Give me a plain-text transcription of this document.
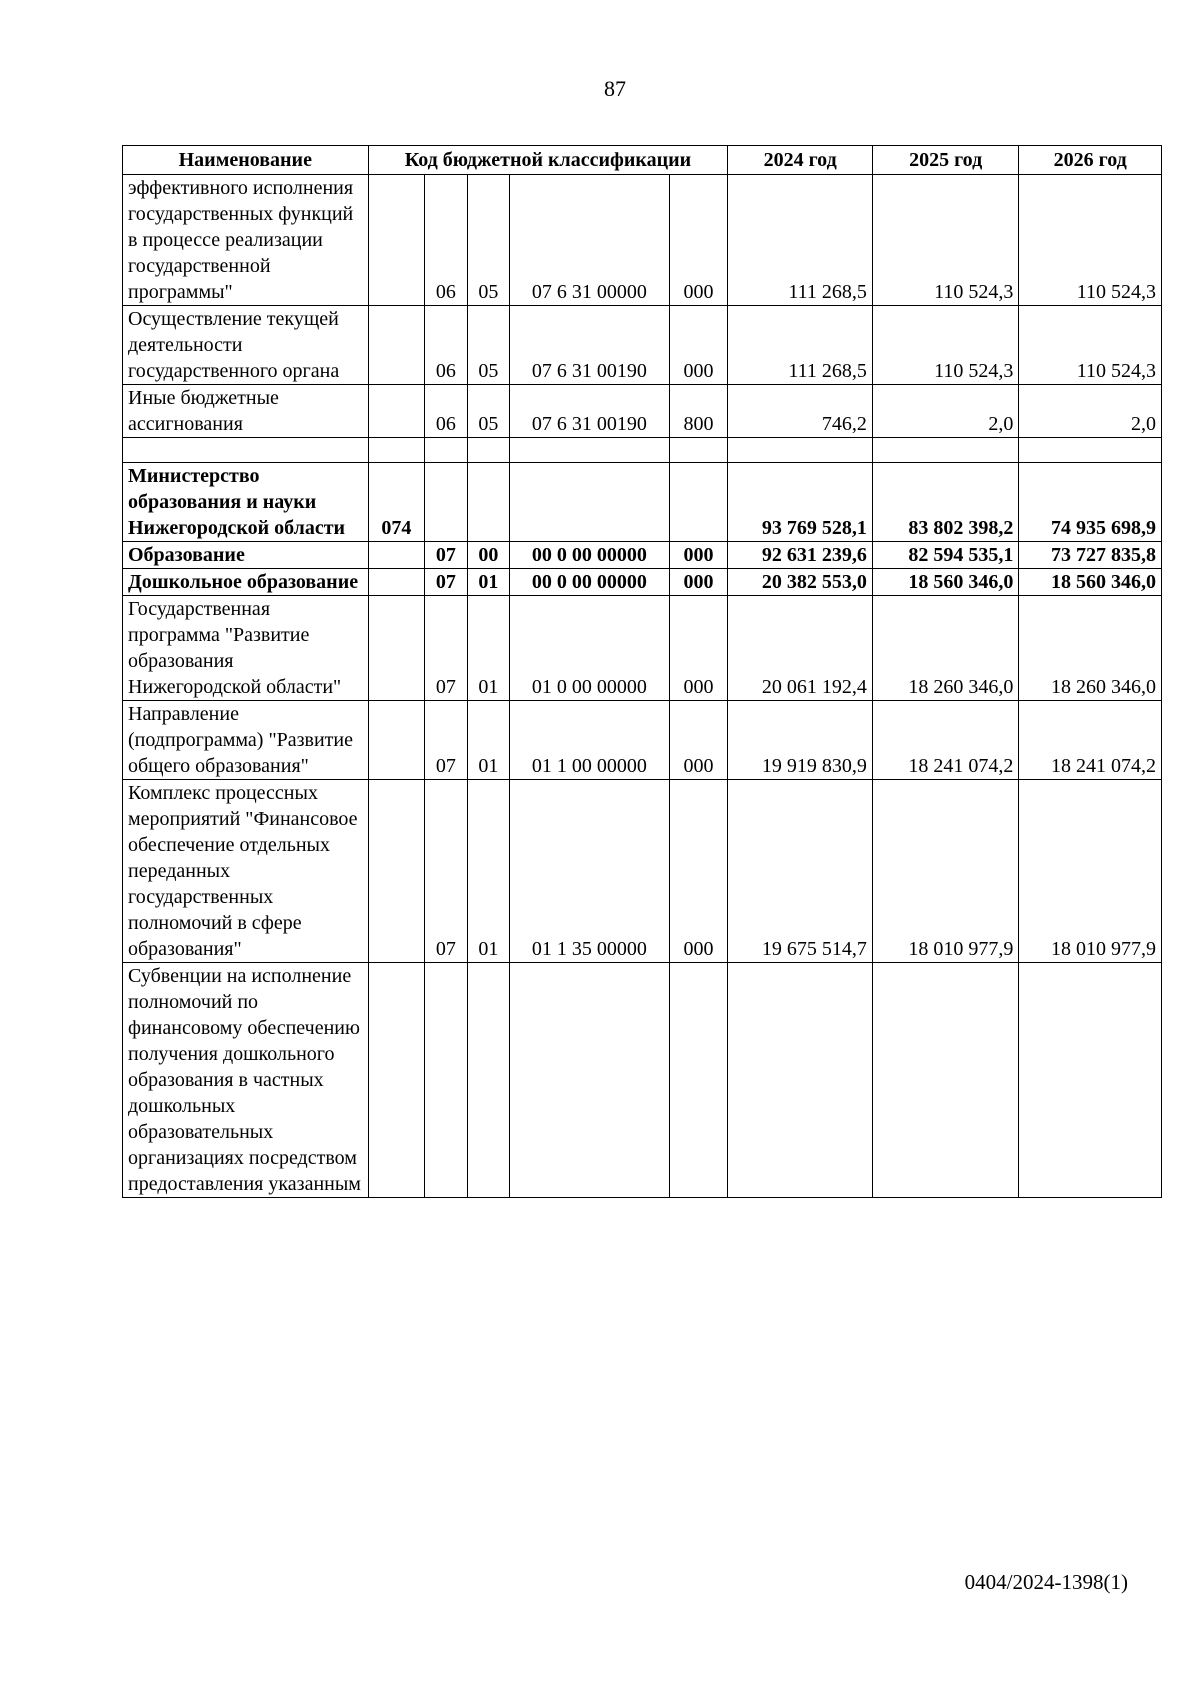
87
Наименование	Код бюджетной классификации					2024 год	2025 год	2026 год
эффективного исполнения государственных функций в процессе реализации государственной программы"		06	05	07 6 31 00000	000	111 268,5	110 524,3	110 524,3
Осуществление текущей деятельности государственного органа		06	05	07 6 31 00190	000	111 268,5	110 524,3	110 524,3
Иные бюджетные ассигнования		06	05	07 6 31 00190	800	746,2	2,0	2,0

Министерство образования и науки Нижегородской области	074					93 769 528,1	83 802 398,2	74 935 698,9
Образование		07	00	00 0 00 00000	000	92 631 239,6	82 594 535,1	73 727 835,8
Дошкольное образование		07	01	00 0 00 00000	000	20 382 553,0	18 560 346,0	18 560 346,0
Государственная программа "Развитие образования Нижегородской области"		07	01	01 0 00 00000	000	20 061 192,4	18 260 346,0	18 260 346,0
Направление (подпрограмма) "Развитие общего образования"		07	01	01 1 00 00000	000	19 919 830,9	18 241 074,2	18 241 074,2
Комплекс процессных мероприятий "Финансовое обеспечение отдельных переданных государственных полномочий в сфере образования"		07	01	01 1 35 00000	000	19 675 514,7	18 010 977,9	18 010 977,9
Субвенции на исполнение полномочий по финансовому обеспечению получения дошкольного образования в частных дошкольных образовательных организациях посредством предоставления указанным								
0404/2024-1398(1)
